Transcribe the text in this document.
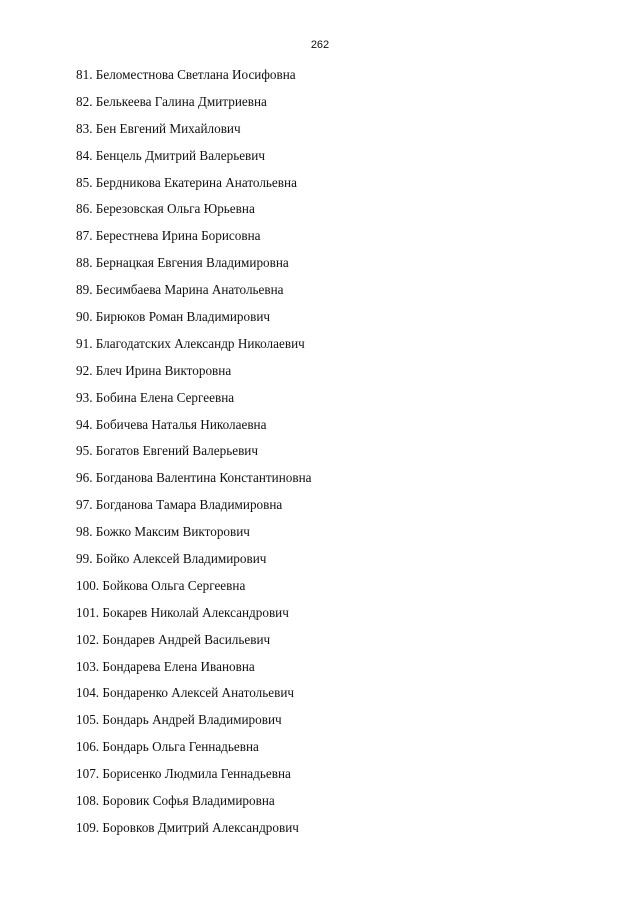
262
81. Беломестнова Светлана Иосифовна
82. Белькеева Галина Дмитриевна
83. Бен Евгений Михайлович
84. Бенцель Дмитрий Валерьевич
85. Бердникова Екатерина Анатольевна
86. Березовская Ольга Юрьевна
87. Берестнева Ирина Борисовна
88. Бернацкая Евгения Владимировна
89. Бесимбаева Марина Анатольевна
90. Бирюков Роман Владимирович
91. Благодатских Александр Николаевич
92. Блеч Ирина Викторовна
93. Бобина Елена Сергеевна
94. Бобичева Наталья Николаевна
95. Богатов Евгений Валерьевич
96. Богданова Валентина Константиновна
97. Богданова Тамара Владимировна
98. Божко Максим Викторович
99. Бойко Алексей Владимирович
100. Бойкова Ольга Сергеевна
101. Бокарев Николай Александрович
102. Бондарев Андрей Васильевич
103. Бондарева Елена Ивановна
104. Бондаренко Алексей Анатольевич
105. Бондарь Андрей Владимирович
106. Бондарь Ольга Геннадьевна
107. Борисенко Людмила Геннадьевна
108. Боровик Софья Владимировна
109. Боровков Дмитрий Александрович
